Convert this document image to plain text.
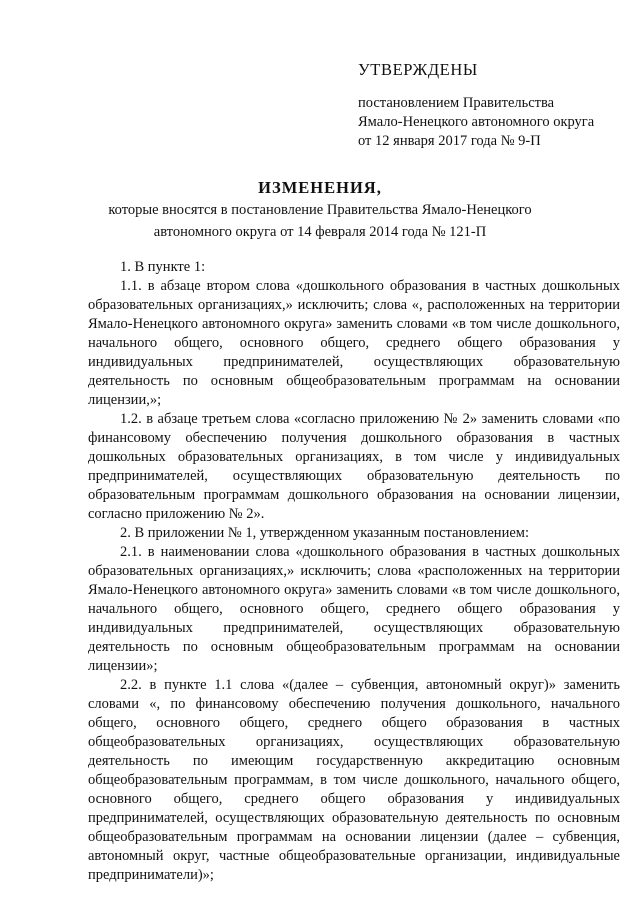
УТВЕРЖДЕНЫ
постановлением Правительства
Ямало-Ненецкого автономного округа
от 12 января 2017 года № 9-П
ИЗМЕНЕНИЯ,
которые вносятся в постановление Правительства Ямало-Ненецкого
автономного округа от 14 февраля 2014 года № 121-П

1. В пункте 1:

1.1. в абзаце втором слова «дошкольного образования в частных дошкольных образовательных организациях,» исключить; слова «, расположенных на территории Ямало-Ненецкого автономного округа» заменить словами «в том числе дошкольного, начального общего, основного общего, среднего общего образования у индивидуальных предпринимателей, осуществляющих образовательную деятельность по основным общеобразовательным программам на основании лицензии,»;

1.2. в абзаце третьем слова «согласно приложению № 2» заменить словами «по финансовому обеспечению получения дошкольного образования в частных дошкольных образовательных организациях, в том числе у индивидуальных предпринимателей, осуществляющих образовательную деятельность по образовательным программам дошкольного образования на основании лицензии, согласно приложению № 2».

2. В приложении № 1, утвержденном указанным постановлением:

2.1. в наименовании слова «дошкольного образования в частных дошкольных образовательных организациях,» исключить; слова «расположенных на территории Ямало-Ненецкого автономного округа» заменить словами «в том числе дошкольного, начального общего, основного общего, среднего общего образования у индивидуальных предпринимателей, осуществляющих образовательную деятельность по основным общеобразовательным программам на основании лицензии»;

2.2. в пункте 1.1 слова «(далее – субвенция, автономный округ)» заменить словами «, по финансовому обеспечению получения дошкольного, начального общего, основного общего, среднего общего образования в частных общеобразовательных организациях, осуществляющих образовательную деятельность по имеющим государственную аккредитацию основным общеобразовательным программам, в том числе дошкольного, начального общего, основного общего, среднего общего образования у индивидуальных предпринимателей, осуществляющих образовательную деятельность по основным общеобразовательным программам на основании лицензии (далее – субвенция, автономный округ, частные общеобразовательные организации, индивидуальные предприниматели)»;
